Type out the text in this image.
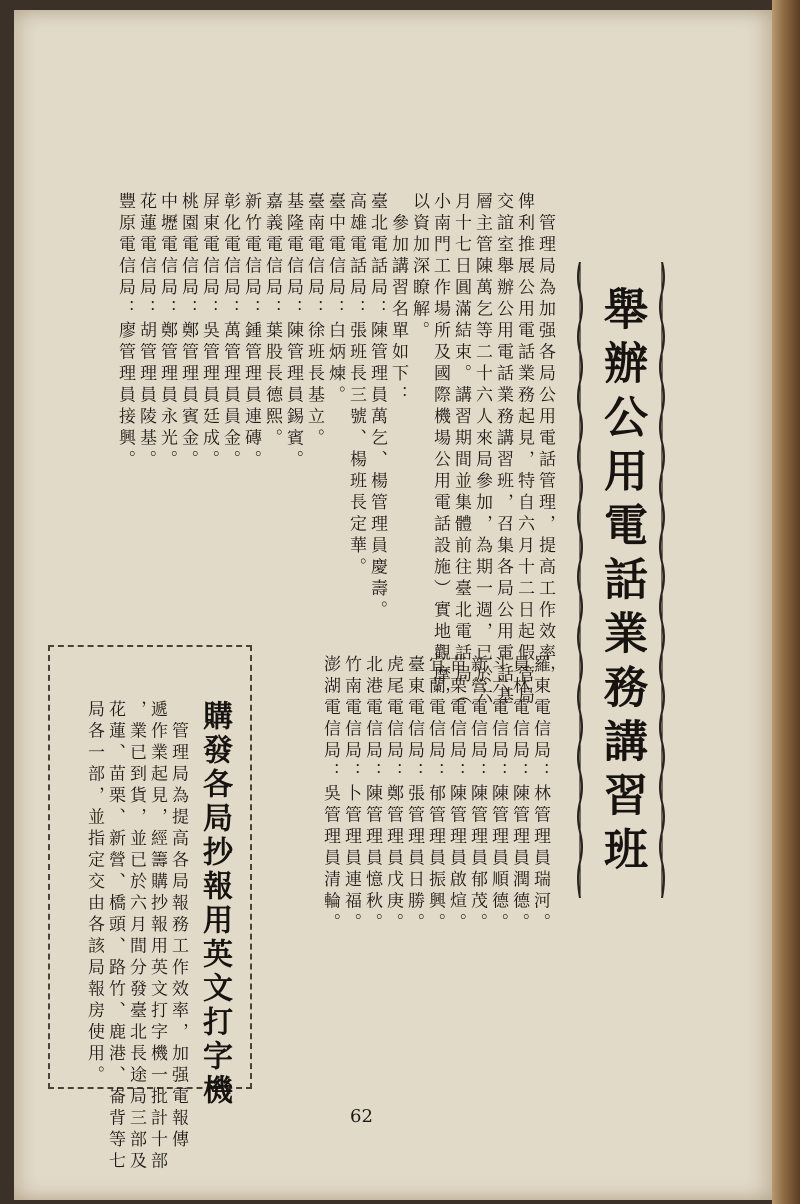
舉辦公用電話業務講習班
　管理局為加强各局公用電話管理，提高工作效率，
俾利推展公用電話業務起見，特自六月十二日起假管局
交誼室舉辦公用電話業務講習班，召集各局公用電話基
層主管陳萬乞等二十六人來局參加，為期一週，已於六
月十七日圓滿結束。講習期間並集體前往臺北電話局（
小南門工作場所及國際機場公用電話設施）實地觀摩，
以資加深瞭解。
　參加講習名單如下：
臺北電話局：陳管理員萬乞、楊管理員慶壽。
高雄電話局：張班長三號、楊班長定華。
臺中電信局：白炳煉。
臺南電信局：徐班長基立。
基隆電信局：陳管理員錫賓。
嘉義電信局：葉股長德熙。
新竹電信局：鍾管理員連磚。
彰化電信局：萬管理員員金。
屏東電信局：吳管理員廷成。
桃園電信局：鄭管理員賓金。
中壢電信局：鄭管理員永光。
花蓮電信局：胡管理員陵基。
豐原電信局：廖管理員接興。
羅東電信局：林管理員瑞河。
員林電信局：陳管理員潤德。
斗六電信局：陳管理員順德。
新營電信局：陳管理員郁茂。
苗栗電信局：陳管理員啟煊。
宜蘭電信局：郁管理員振興。
臺東電信局：張管理員日勝。
虎尾電信局：鄭管理員戊庚。
北港電信局：陳管理員憶秋。
竹南電信局：卜管理員連福。
澎湖電信局：吳管理員清輪。
購發各局抄報用英文打字機
　管理局為提高各局報務工作效率，加强電報傳
遞作業起見，經籌購抄報用英文打字機一批計十部
，業已到貨，並已於六月間分發臺北長途局三部及
花蓮、苗栗、新營、橋頭、路竹、鹿港、崙背等七
局各一部，並指定交由各該局報房使用。
62
